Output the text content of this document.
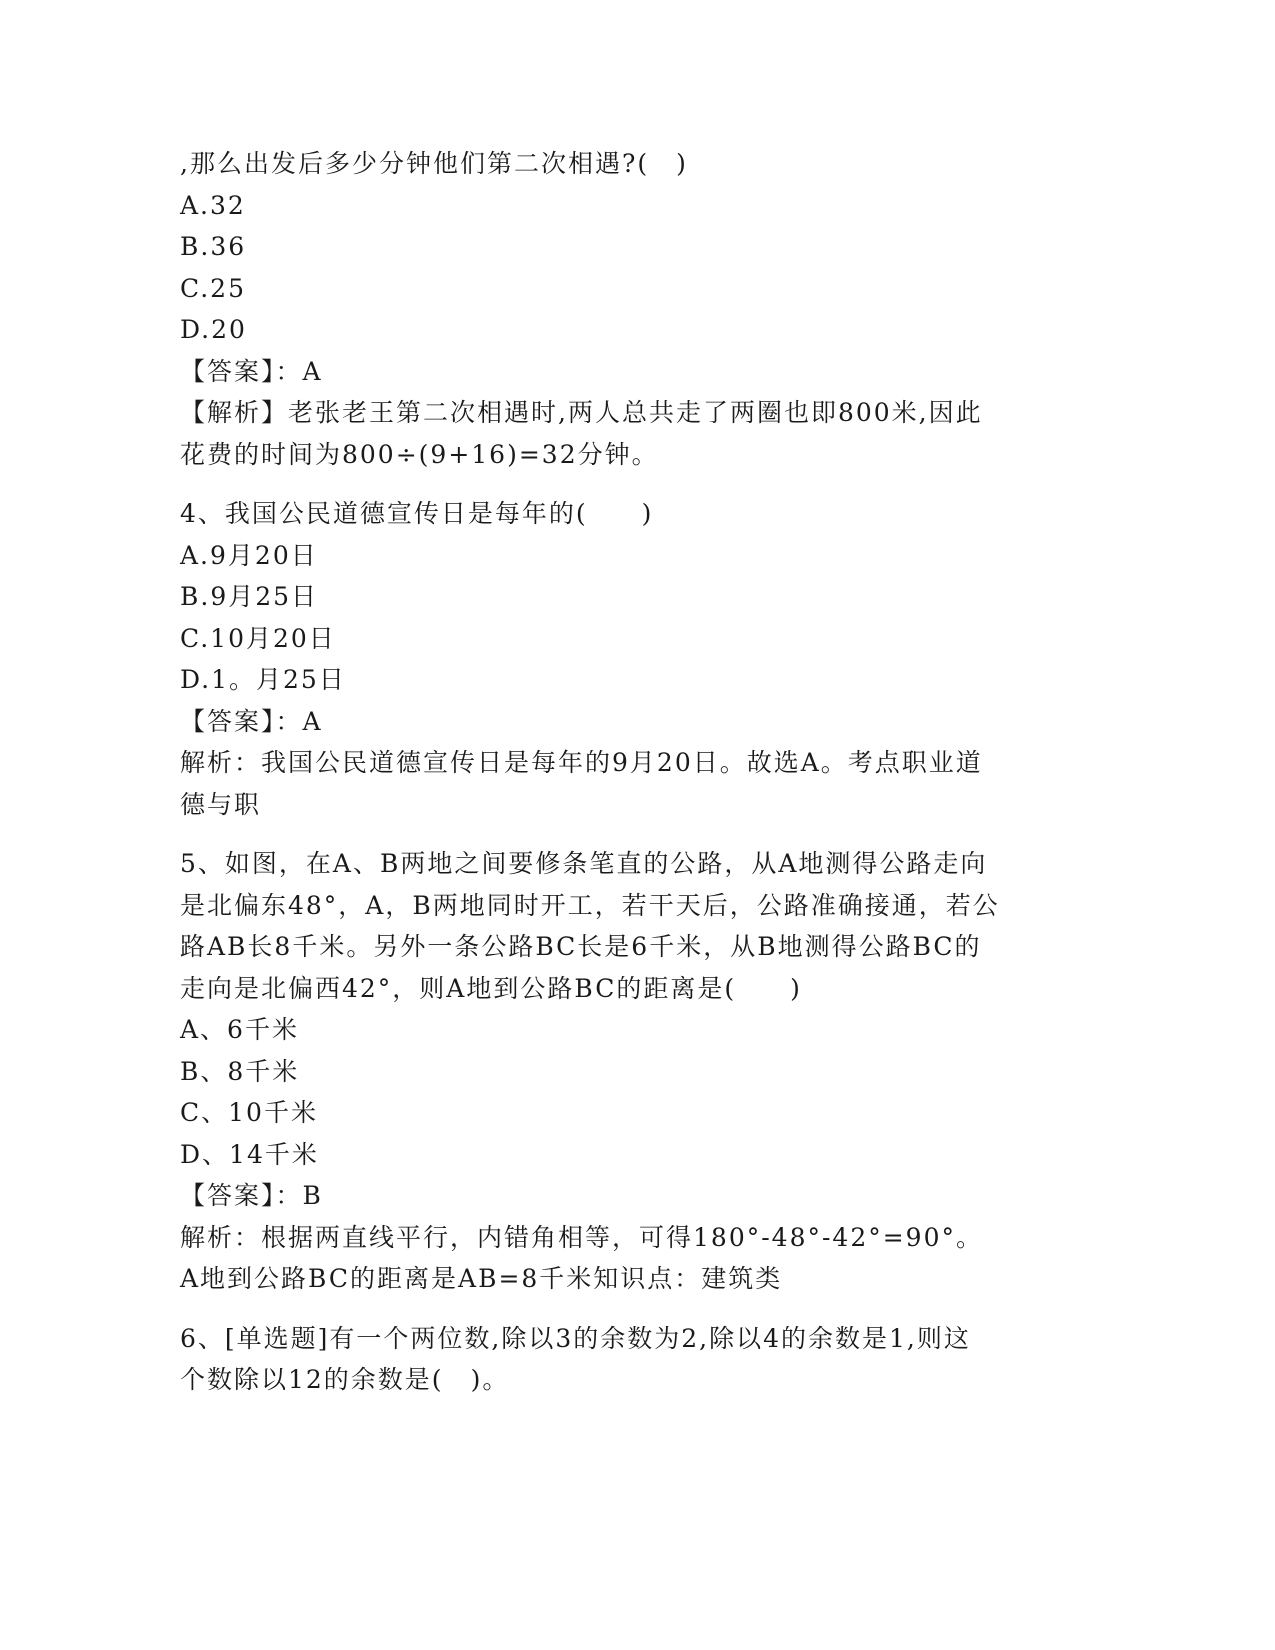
,那么出发后多少分钟他们第二次相遇?(　)
A.32
B.36
C.25
D.20
【答案】：A
【解析】老张老王第二次相遇时,两人总共走了两圈也即800米,因此
花费的时间为800÷(9+16)=32分钟。
4、我国公民道德宣传日是每年的(　　)
A.9月20日
B.9月25日
C.10月20日
D.1。月25日
【答案】：A
解析：我国公民道德宣传日是每年的9月20日。故选A。考点职业道
德与职
5、如图，在A、B两地之间要修条笔直的公路，从A地测得公路走向
是北偏东48°，A，B两地同时开工，若干天后，公路准确接通，若公
路AB长8千米。另外一条公路BC长是6千米，从B地测得公路BC的
走向是北偏西42°，则A地到公路BC的距离是(　　)
A、6千米
B、8千米
C、10千米
D、14千米
【答案】：B
解析：根据两直线平行，内错角相等，可得180°-48°-42°=90°。
A地到公路BC的距离是AB=8千米知识点：建筑类
6、[单选题]有一个两位数,除以3的余数为2,除以4的余数是1,则这
个数除以12的余数是(　)。
